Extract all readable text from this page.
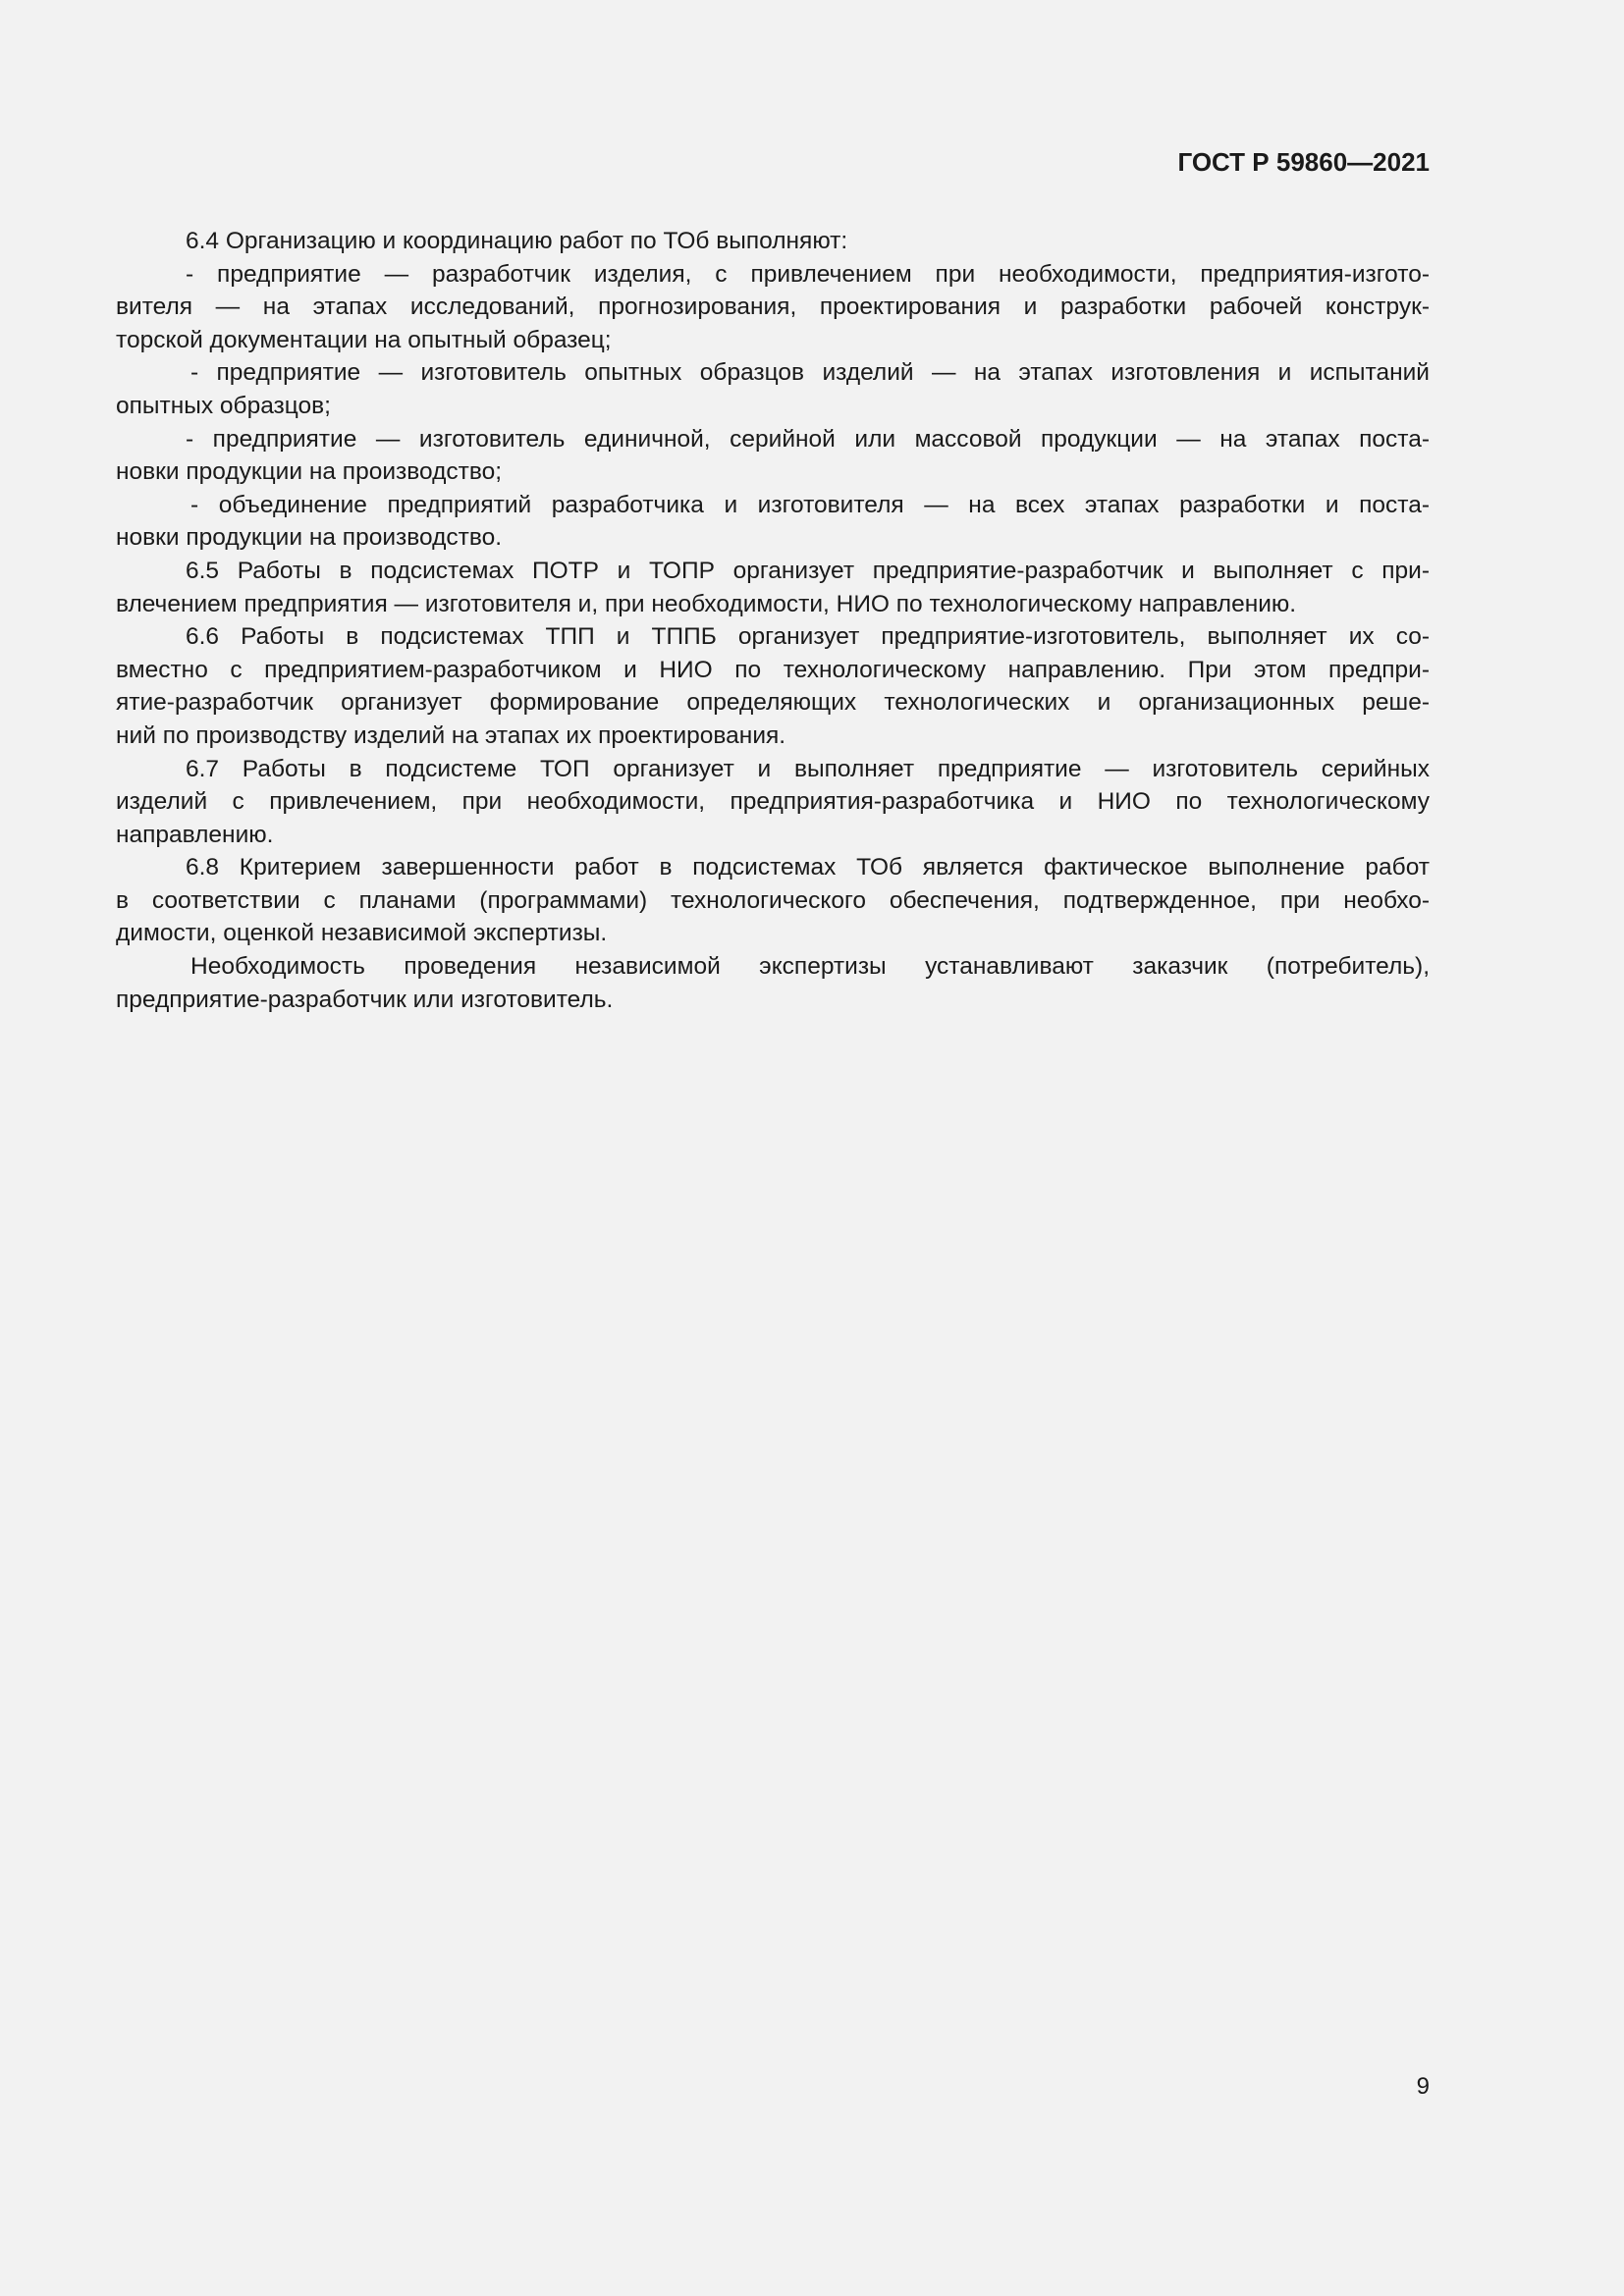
ГОСТ Р 59860—2021
6.4 Организацию и координацию работ по ТОб выполняют:
- предприятие — разработчик изделия, с привлечением при необходимости, предприятия-изгото-
вителя — на этапах исследований, прогнозирования, проектирования и разработки рабочей конструк-
торской документации на опытный образец;
- предприятие — изготовитель опытных образцов изделий — на этапах изготовления и испытаний
опытных образцов;
- предприятие — изготовитель единичной, серийной или массовой продукции — на этапах поста-
новки продукции на производство;
- объединение предприятий разработчика и изготовителя — на всех этапах разработки и поста-
новки продукции на производство.
6.5 Работы в подсистемах ПОТР и ТОПР организует предприятие-разработчик и выполняет с при-
влечением предприятия — изготовителя и, при необходимости, НИО по технологическому направлению.
6.6 Работы в подсистемах ТПП и ТППБ организует предприятие-изготовитель, выполняет их со-
вместно с предприятием-разработчиком и НИО по технологическому направлению. При этом предпри-
ятие-разработчик организует формирование определяющих технологических и организационных реше-
ний по производству изделий на этапах их проектирования.
6.7 Работы в подсистеме ТОП организует и выполняет предприятие — изготовитель серийных
изделий с привлечением, при необходимости, предприятия-разработчика и НИО по технологическому
направлению.
6.8 Критерием завершенности работ в подсистемах ТОб является фактическое выполнение работ
в соответствии с планами (программами) технологического обеспечения, подтвержденное, при необхо-
димости, оценкой независимой экспертизы.
Необходимость проведения независимой экспертизы устанавливают заказчик (потребитель),
предприятие-разработчик или изготовитель.
9
